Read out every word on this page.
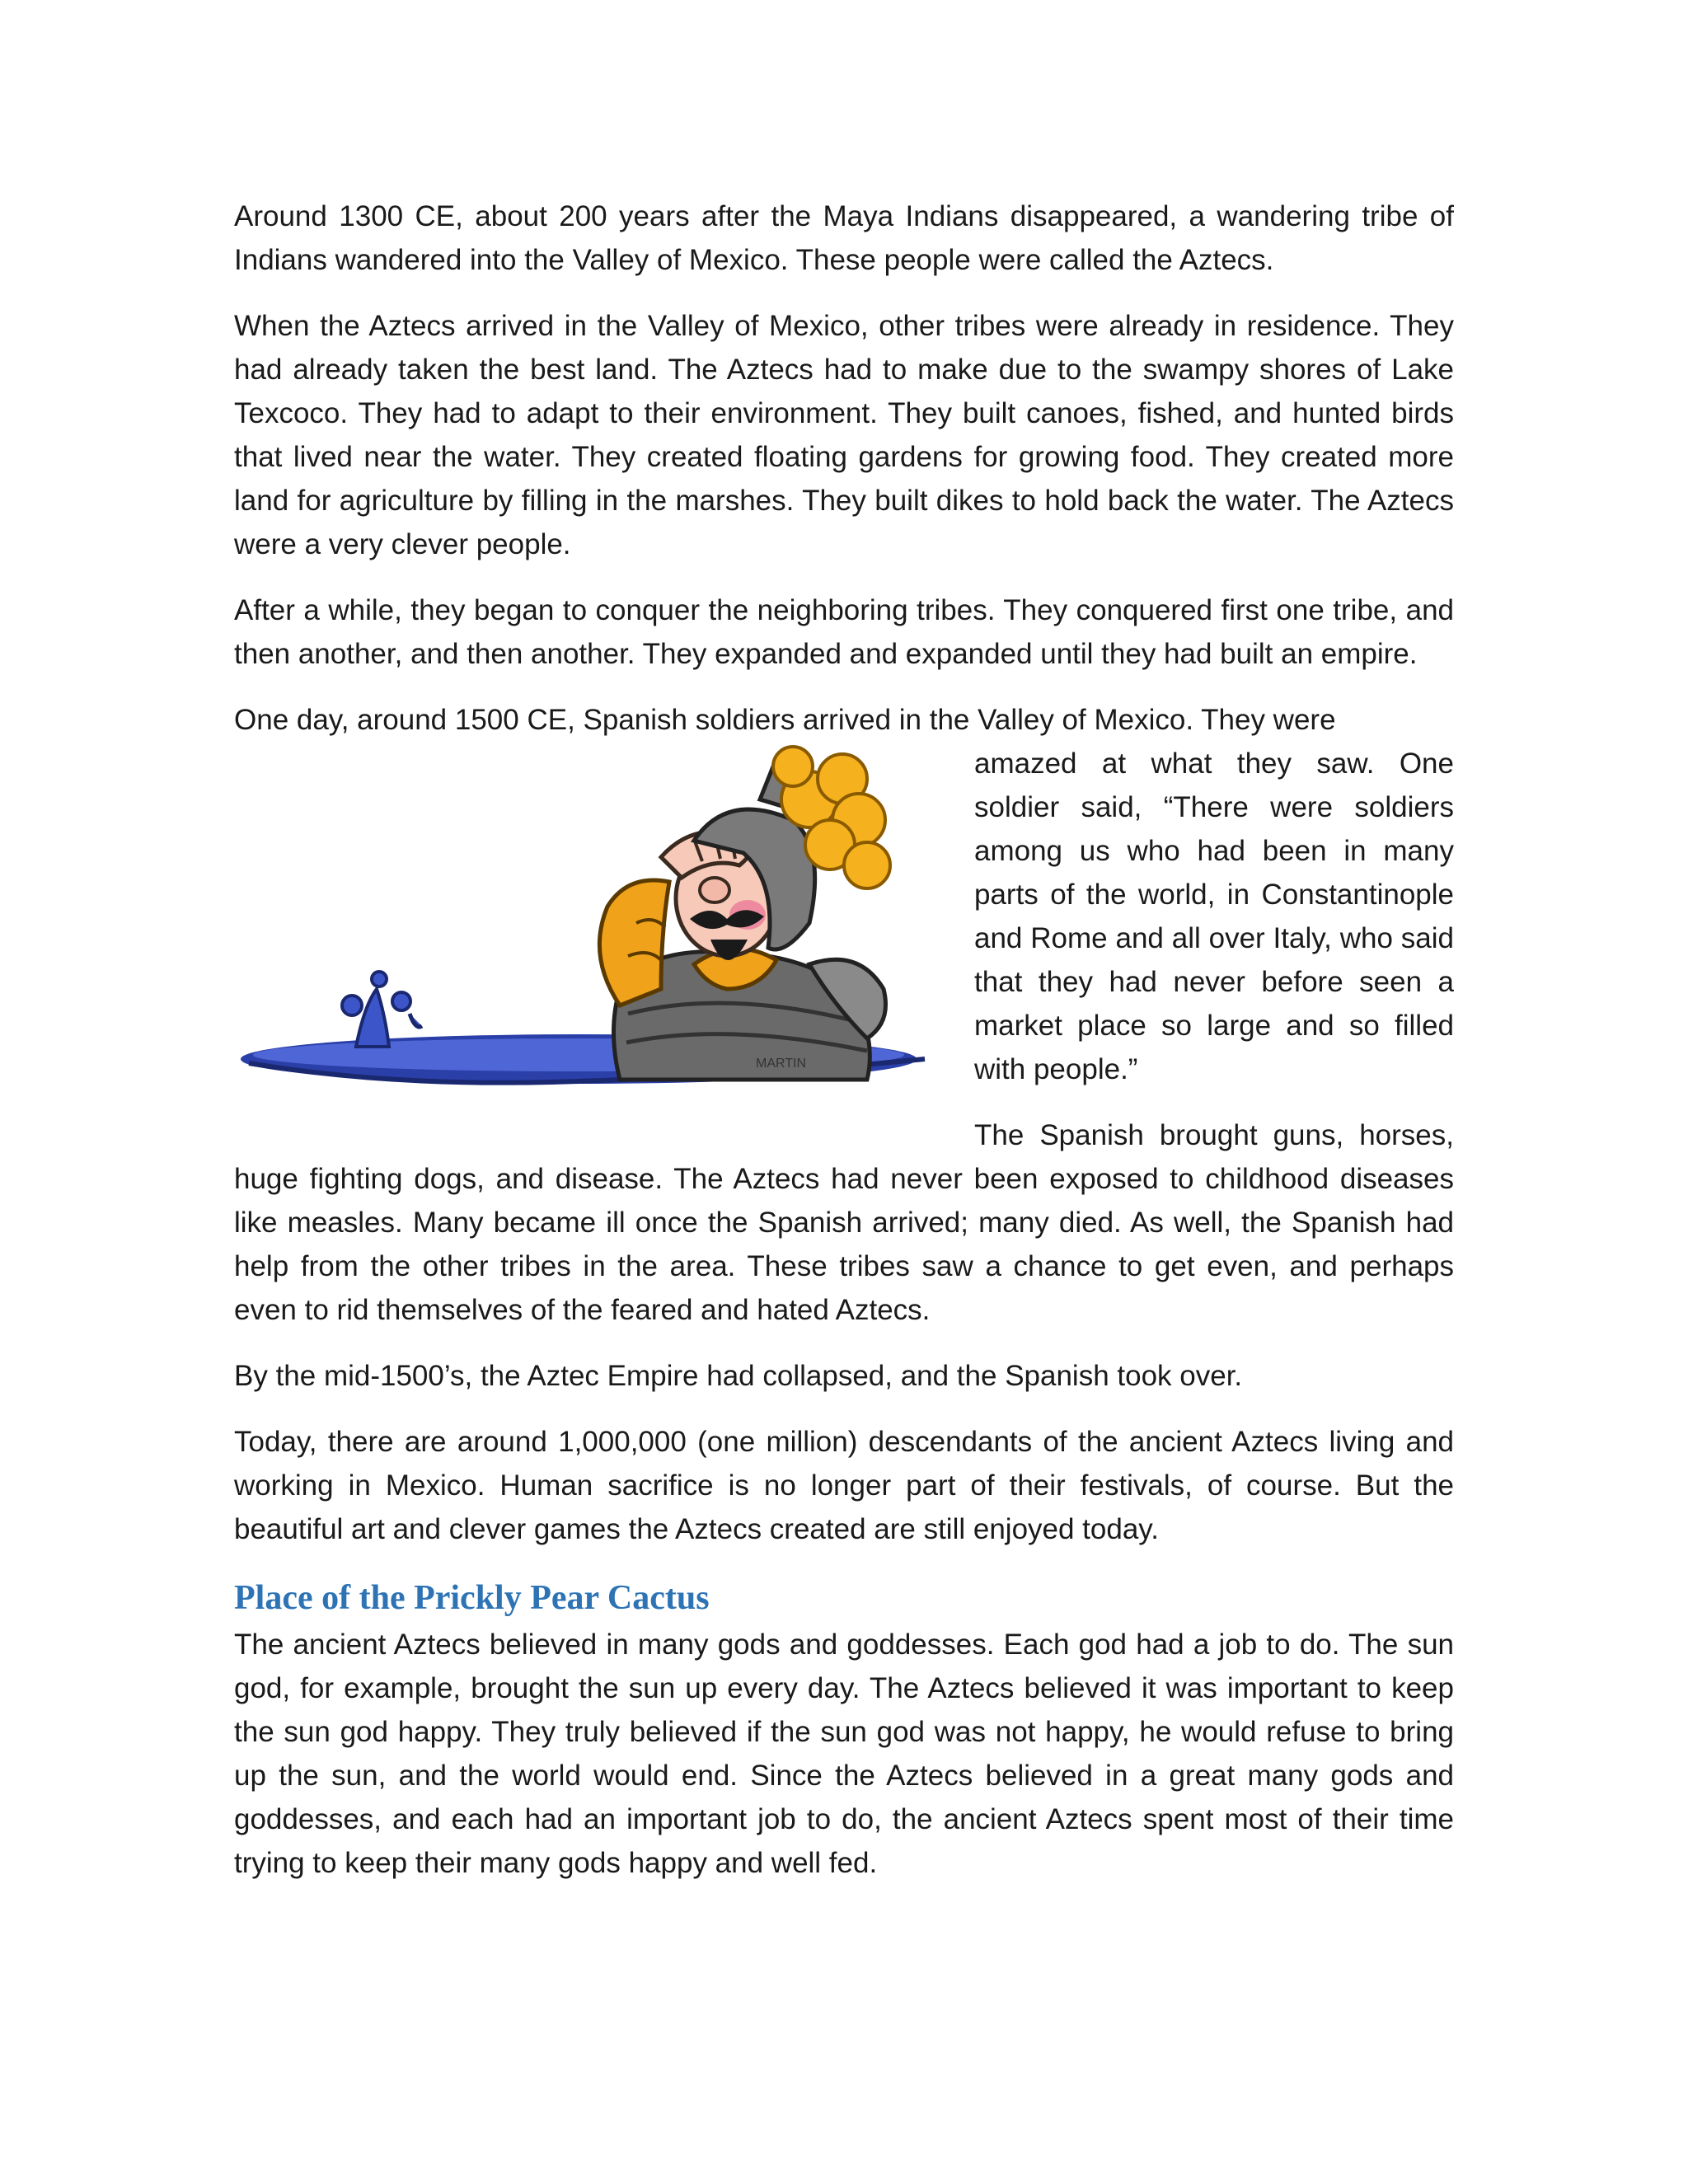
Around 1300 CE, about 200 years after the Maya Indians disappeared, a wandering tribe of Indians wandered into the Valley of Mexico. These people were called the Aztecs.

When the Aztecs arrived in the Valley of Mexico, other tribes were already in residence. They had already taken the best land. The Aztecs had to make due to the swampy shores of Lake Texcoco. They had to adapt to their environment. They built canoes, fished, and hunted birds that lived near the water. They created floating gardens for growing food. They created more land for agriculture by filling in the marshes. They built dikes to hold back the water. The Aztecs were a very clever people.

After a while, they began to conquer the neighboring tribes. They conquered first one tribe, and then another, and then another. They expanded and expanded until they had built an empire.

One day, around 1500 CE, Spanish soldiers arrived in the Valley of Mexico. They were

MARTIN

amazed at what they saw. One soldier said, “There were soldiers among us who had been in many parts of the world, in Constantinople and Rome and all over Italy, who said that they had never before seen a market place so large and so filled with people.”

The Spanish brought guns, horses, huge fighting dogs, and disease. The Aztecs had never been exposed to childhood diseases like measles. Many became ill once the Spanish arrived; many died. As well, the Spanish had help from the other tribes in the area. These tribes saw a chance to get even, and perhaps even to rid themselves of the feared and hated Aztecs.

By the mid-1500’s, the Aztec Empire had collapsed, and the Spanish took over.

Today, there are around 1,000,000 (one million) descendants of the ancient Aztecs living and working in Mexico. Human sacrifice is no longer part of their festivals, of course. But the beautiful art and clever games the Aztecs created are still enjoyed today.

Place of the Prickly Pear Cactus

The ancient Aztecs believed in many gods and goddesses. Each god had a job to do. The sun god, for example, brought the sun up every day. The Aztecs believed it was important to keep the sun god happy. They truly believed if the sun god was not happy, he would refuse to bring up the sun, and the world would end. Since the Aztecs believed in a great many gods and goddesses, and each had an important job to do, the ancient Aztecs spent most of their time trying to keep their many gods happy and well fed.
